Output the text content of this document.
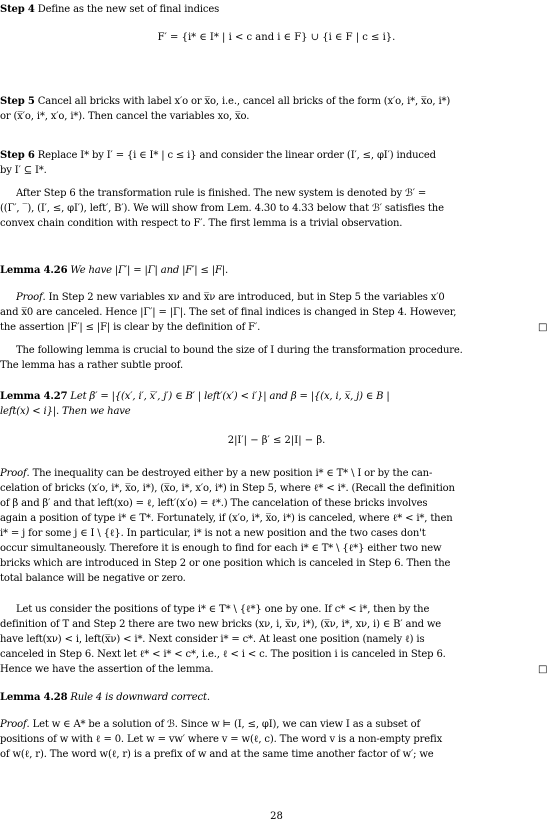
Step 4 Define as the new set of final indices
F′ = {i* ∈ I* | i < c and i ∈ F} ∪ {i ∈ F | c ≤ i}.
Step 5 Cancel all bricks with label x′o or x̅o, i.e., cancel all bricks of the form (x′o, i*, x̅o, i*)
or (x̅′o, i*, x′o, i*). Then cancel the variables xo, x̅o.
Step 6 Replace I* by I′ = {i ∈ I* | c ≤ i} and consider the linear order (I′, ≤, φI′) induced
by I′ ⊆ I*.
After Step 6 the transformation rule is finished. The new system is denoted by ℬ′ =
((Γ′, ‾), (I′, ≤, φI′), left′, B′). We will show from Lem. 4.30 to 4.33 below that ℬ′ satisfies the
convex chain condition with respect to F′. The first lemma is a trivial observation.
Lemma 4.26 We have |Γ′| = |Γ| and |F′| ≤ |F|.
Proof. In Step 2 new variables xν and x̅ν are introduced, but in Step 5 the variables x′0
and x̅0 are canceled. Hence |Γ′| = |Γ|. The set of final indices is changed in Step 4. However,
the assertion |F′| ≤ |F| is clear by the definition of F′.	□
The following lemma is crucial to bound the size of I during the transformation procedure.
The lemma has a rather subtle proof.
Lemma 4.27 Let β′ = |{(x′, i′, x̅′, j′) ∈ B′ | left′(x′) < i′}| and β = |{(x, i, x̅, j) ∈ B |
left(x) < i}|. Then we have
2|I′| − β′ ≤ 2|I| − β.
Proof. The inequality can be destroyed either by a new position i* ∈ T* \ I or by the can-
celation of bricks (x′o, i*, x̅o, i*), (x̅o, i*, x′o, i*) in Step 5, where ℓ* < i*. (Recall the definition
of β and β′ and that left(xo) = ℓ, left′(x′o) = ℓ*.) The cancelation of these bricks involves
again a position of type i* ∈ T*. Fortunately, if (x′o, i*, x̅o, i*) is canceled, where ℓ* < i*, then
i* = j for some j ∈ I \ {ℓ}. In particular, i* is not a new position and the two cases don't
occur simultaneously. Therefore it is enough to find for each i* ∈ T* \ {ℓ*} either two new
bricks which are introduced in Step 2 or one position which is canceled in Step 6. Then the
total balance will be negative or zero.
Let us consider the positions of type i* ∈ T* \ {ℓ*} one by one. If c* < i*, then by the
definition of T and Step 2 there are two new bricks (xν, i, x̅ν, i*), (x̅ν, i*, xν, i) ∈ B′ and we
have left(xν) < i, left(x̅ν) < i*. Next consider i* = c*. At least one position (namely ℓ) is
canceled in Step 6. Next let ℓ* < i* < c*, i.e., ℓ < i < c. The position i is canceled in Step 6.
Hence we have the assertion of the lemma.	□
Lemma 4.28 Rule 4 is downward correct.
Proof. Let w ∈ A* be a solution of ℬ. Since w ⊨ (I, ≤, φI), we can view I as a subset of
positions of w with ℓ = 0. Let w = vw′ where v = w(ℓ, c). The word v is a non-empty prefix
of w(ℓ, r). The word w(ℓ, r) is a prefix of w and at the same time another factor of w′; we
28
